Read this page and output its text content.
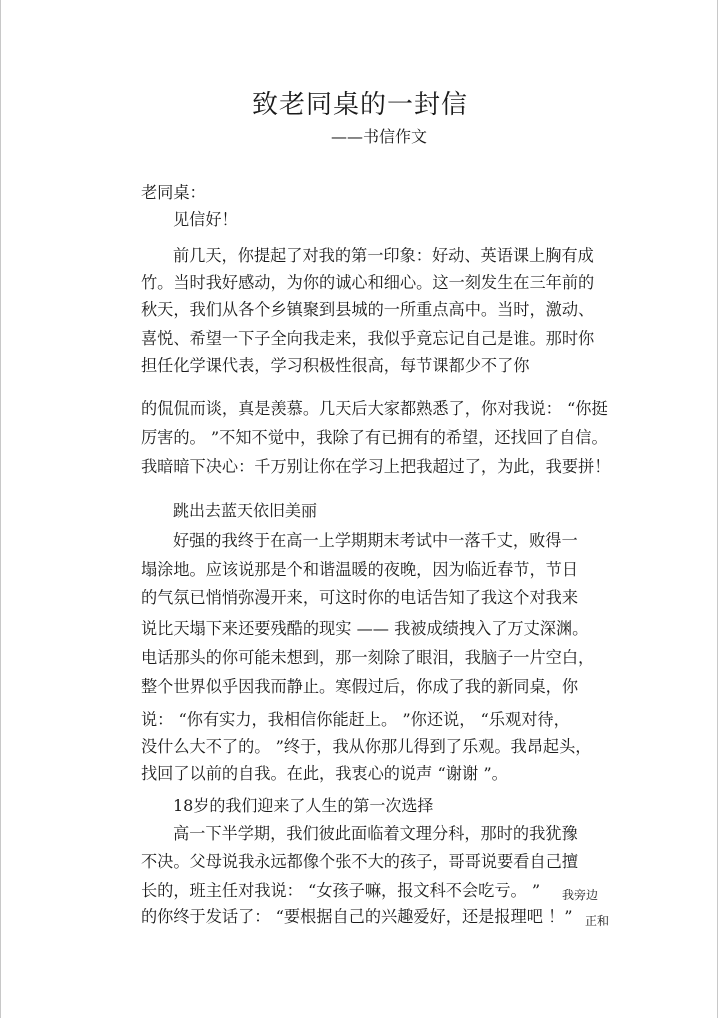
致老同桌的一封信
——书信作文
老同桌：
见信好！
前几天，你提起了对我的第一印象：好动、英语课上胸有成
竹。当时我好感动，为你的诚心和细心。这一刻发生在三年前的
秋天，我们从各个乡镇聚到县城的一所重点高中。当时，激动、
喜悦、希望一下子全向我走来，我似乎竟忘记自己是谁。那时你
担任化学课代表，学习积极性很高，每节课都少不了你
的侃侃而谈，真是羡慕。几天后大家都熟悉了，你对我说： “你挺
厉害的。 ”不知不觉中，我除了有已拥有的希望，还找回了自信。
我暗暗下决心：千万别让你在学习上把我超过了，为此，我要拼！
跳出去蓝天依旧美丽
好强的我终于在高一上学期期末考试中一落千丈，败得一
塌涂地。应该说那是个和谐温暖的夜晚，因为临近春节，节日
的气氛已悄悄弥漫开来，可这时你的电话告知了我这个对我来
说比天塌下来还要残酷的现实 —— 我被成绩拽入了万丈深渊。
电话那头的你可能未想到，那一刻除了眼泪，我脑子一片空白，
整个世界似乎因我而静止。寒假过后，你成了我的新同桌，你
说： “你有实力，我相信你能赶上。 ”你还说， “乐观对待，
没什么大不了的。 ”终于，我从你那儿得到了乐观。我昂起头，
找回了以前的自我。在此，我衷心的说声 “谢谢 ”。
18岁的我们迎来了人生的第一次选择
高一下半学期，我们彼此面临着文理分科，那时的我犹豫
不决。父母说我永远都像个张不大的孩子，哥哥说要看自己擅
长的，班主任对我说： “女孩子嘛，报文科不会吃亏。 ” 我旁边
的你终于发话了： “要根据自己的兴趣爱好，还是报理吧 ！” 正和
